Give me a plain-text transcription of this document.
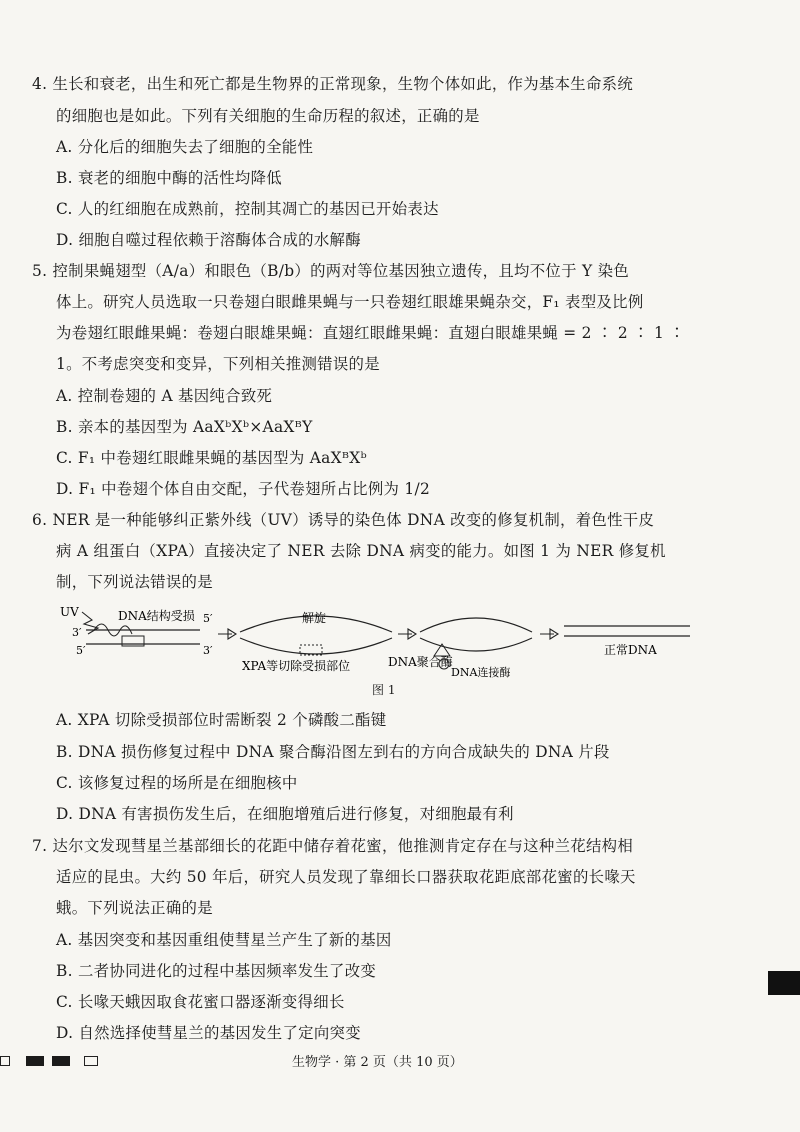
4. 生长和衰老，出生和死亡都是生物界的正常现象，生物个体如此，作为基本生命系统
的细胞也是如此。下列有关细胞的生命历程的叙述，正确的是
A. 分化后的细胞失去了细胞的全能性
B. 衰老的细胞中酶的活性均降低
C. 人的红细胞在成熟前，控制其凋亡的基因已开始表达
D. 细胞自噬过程依赖于溶酶体合成的水解酶
5. 控制果蝇翅型（A/a）和眼色（B/b）的两对等位基因独立遗传，且均不位于 Y 染色
体上。研究人员选取一只卷翅白眼雌果蝇与一只卷翅红眼雄果蝇杂交，F₁ 表型及比例
为卷翅红眼雌果蝇：卷翅白眼雄果蝇：直翅红眼雌果蝇：直翅白眼雄果蝇 = 2 ∶ 2 ∶ 1 ∶
1。不考虑突变和变异，下列相关推测错误的是
A. 控制卷翅的 A 基因纯合致死
B. 亲本的基因型为 AaXᵇXᵇ×AaXᴮY
C. F₁ 中卷翅红眼雌果蝇的基因型为 AaXᴮXᵇ
D. F₁ 中卷翅个体自由交配，子代卷翅所占比例为 1/2
6. NER 是一种能够纠正紫外线（UV）诱导的染色体 DNA 改变的修复机制，着色性干皮
病 A 组蛋白（XPA）直接决定了 NER 去除 DNA 病变的能力。如图 1 为 NER 修复机
制，下列说法错误的是
UV	DNA结构受损 5′
3′
5′	3′
解旋
XPA等切除受损部位	DNA聚合酶
DNA连接酶
正常DNA
图 1
A. XPA 切除受损部位时需断裂 2 个磷酸二酯键
B. DNA 损伤修复过程中 DNA 聚合酶沿图左到右的方向合成缺失的 DNA 片段
C. 该修复过程的场所是在细胞核中
D. DNA 有害损伤发生后，在细胞增殖后进行修复，对细胞最有利
7. 达尔文发现彗星兰基部细长的花距中储存着花蜜，他推测肯定存在与这种兰花结构相
适应的昆虫。大约 50 年后，研究人员发现了靠细长口器获取花距底部花蜜的长喙天
蛾。下列说法正确的是
A. 基因突变和基因重组使彗星兰产生了新的基因
B. 二者协同进化的过程中基因频率发生了改变
C. 长喙天蛾因取食花蜜口器逐渐变得细长
D. 自然选择使彗星兰的基因发生了定向突变
生物学 · 第 2 页（共 10 页）
